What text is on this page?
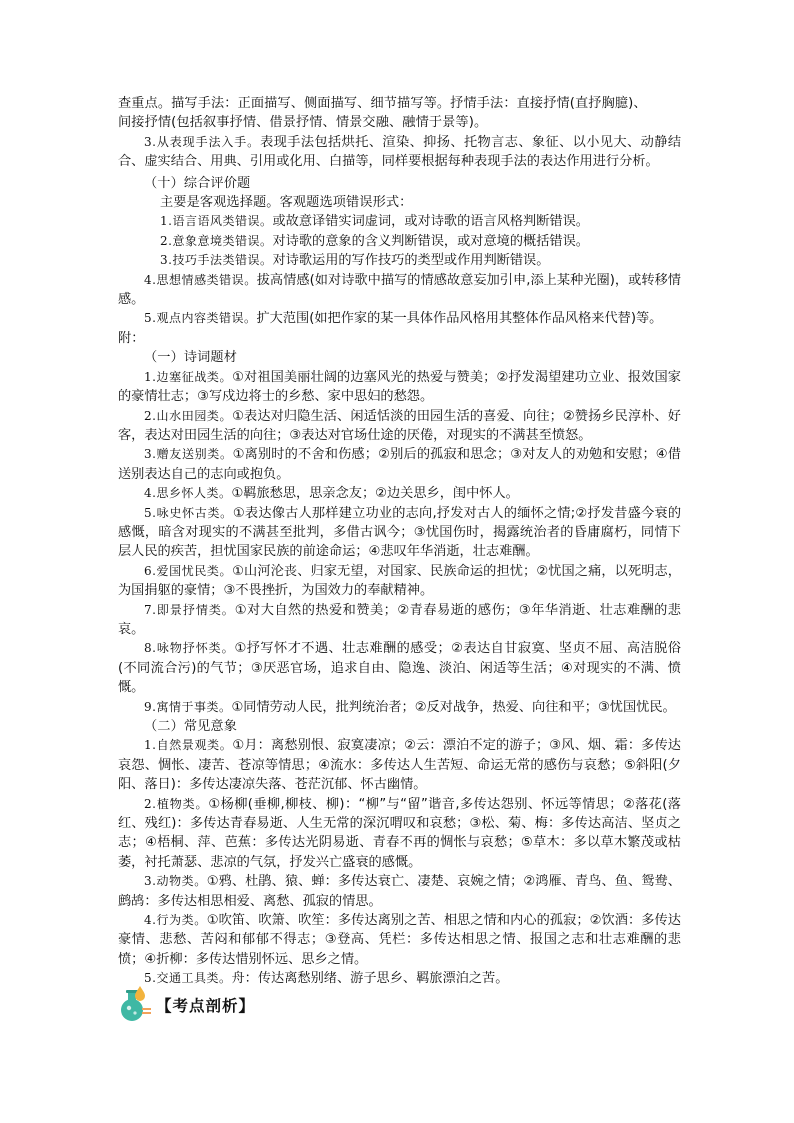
查重点。描写手法：正面描写、侧面描写、细节描写等。抒情手法：直接抒情(直抒胸臆)、
间接抒情(包括叙事抒情、借景抒情、情景交融、融情于景等)。
3.从表现手法入手。表现手法包括烘托、渲染、抑扬、托物言志、象征、以小见大、动静结合、虚实结合、用典、引用或化用、白描等，同样要根据每种表现手法的表达作用进行分析。
（十）综合评价题
主要是客观选择题。客观题选项错误形式：
1.语言语风类错误。或故意译错实词虚词，或对诗歌的语言风格判断错误。
2.意象意境类错误。对诗歌的意象的含义判断错误，或对意境的概括错误。
3.技巧手法类错误。对诗歌运用的写作技巧的类型或作用判断错误。
4.思想情感类错误。拔高情感(如对诗歌中描写的情感故意妄加引申,添上某种光圈)，或转移情感。
5.观点内容类错误。扩大范围(如把作家的某一具体作品风格用其整体作品风格来代替)等。
附：
（一）诗词题材
1.边塞征战类。①对祖国美丽壮阔的边塞风光的热爱与赞美；②抒发渴望建功立业、报效国家的豪情壮志；③写戍边将士的乡愁、家中思妇的愁怨。
2.山水田园类。①表达对归隐生活、闲适恬淡的田园生活的喜爱、向往；②赞扬乡民淳朴、好客，表达对田园生活的向往；③表达对官场仕途的厌倦，对现实的不满甚至愤怒。
3.赠友送别类。①离别时的不舍和伤感；②别后的孤寂和思念；③对友人的劝勉和安慰；④借送别表达自己的志向或抱负。
4.思乡怀人类。①羁旅愁思，思亲念友；②边关思乡，闺中怀人。
5.咏史怀古类。①表达像古人那样建立功业的志向,抒发对古人的缅怀之情;②抒发昔盛今衰的感慨，暗含对现实的不满甚至批判，多借古讽今；③忧国伤时，揭露统治者的昏庸腐朽，同情下层人民的疾苦，担忧国家民族的前途命运；④悲叹年华消逝，壮志难酬。
6.爱国忧民类。①山河沦丧、归家无望，对国家、民族命运的担忧；②忧国之痛，以死明志，为国捐躯的豪情；③不畏挫折，为国效力的奉献精神。
7.即景抒情类。①对大自然的热爱和赞美；②青春易逝的感伤；③年华消逝、壮志难酬的悲哀。
8.咏物抒怀类。①抒写怀才不遇、壮志难酬的感受；②表达自甘寂寞、坚贞不屈、高洁脱俗(不同流合污)的气节；③厌恶官场，追求自由、隐逸、淡泊、闲适等生活；④对现实的不满、愤慨。
9.寓情于事类。①同情劳动人民，批判统治者；②反对战争，热爱、向往和平；③忧国忧民。
（二）常见意象
1.自然景观类。①月：离愁别恨、寂寞凄凉；②云：漂泊不定的游子；③风、烟、霜：多传达哀怨、惆怅、凄苦、苍凉等情思；④流水：多传达人生苦短、命运无常的感伤与哀愁；⑤斜阳(夕阳、落日)：多传达凄凉失落、苍茫沉郁、怀古幽情。
2.植物类。①杨柳(垂柳,柳枝、柳)：“柳”与“留”谐音,多传达怨别、怀远等情思；②落花(落红、残红)：多传达青春易逝、人生无常的深沉喟叹和哀愁；③松、菊、梅：多传达高洁、坚贞之志；④梧桐、萍、芭蕉：多传达光阴易逝、青春不再的惆怅与哀愁；⑤草木：多以草木繁茂或枯萎，衬托萧瑟、悲凉的气氛，抒发兴亡盛衰的感慨。
3.动物类。①鸦、杜鹃、猿、蝉：多传达衰亡、凄楚、哀婉之情；②鸿雁、青鸟、鱼、鸳鸯、鹧鸪：多传达相思相爱、离愁、孤寂的情思。
4.行为类。①吹笛、吹箫、吹笙：多传达离别之苦、相思之情和内心的孤寂；②饮酒：多传达豪情、悲愁、苦闷和郁郁不得志；③登高、凭栏：多传达相思之情、报国之志和壮志难酬的悲愤；④折柳：多传达惜别怀远、思乡之情。
5.交通工具类。舟：传达离愁别绪、游子思乡、羁旅漂泊之苦。
【考点剖析】
